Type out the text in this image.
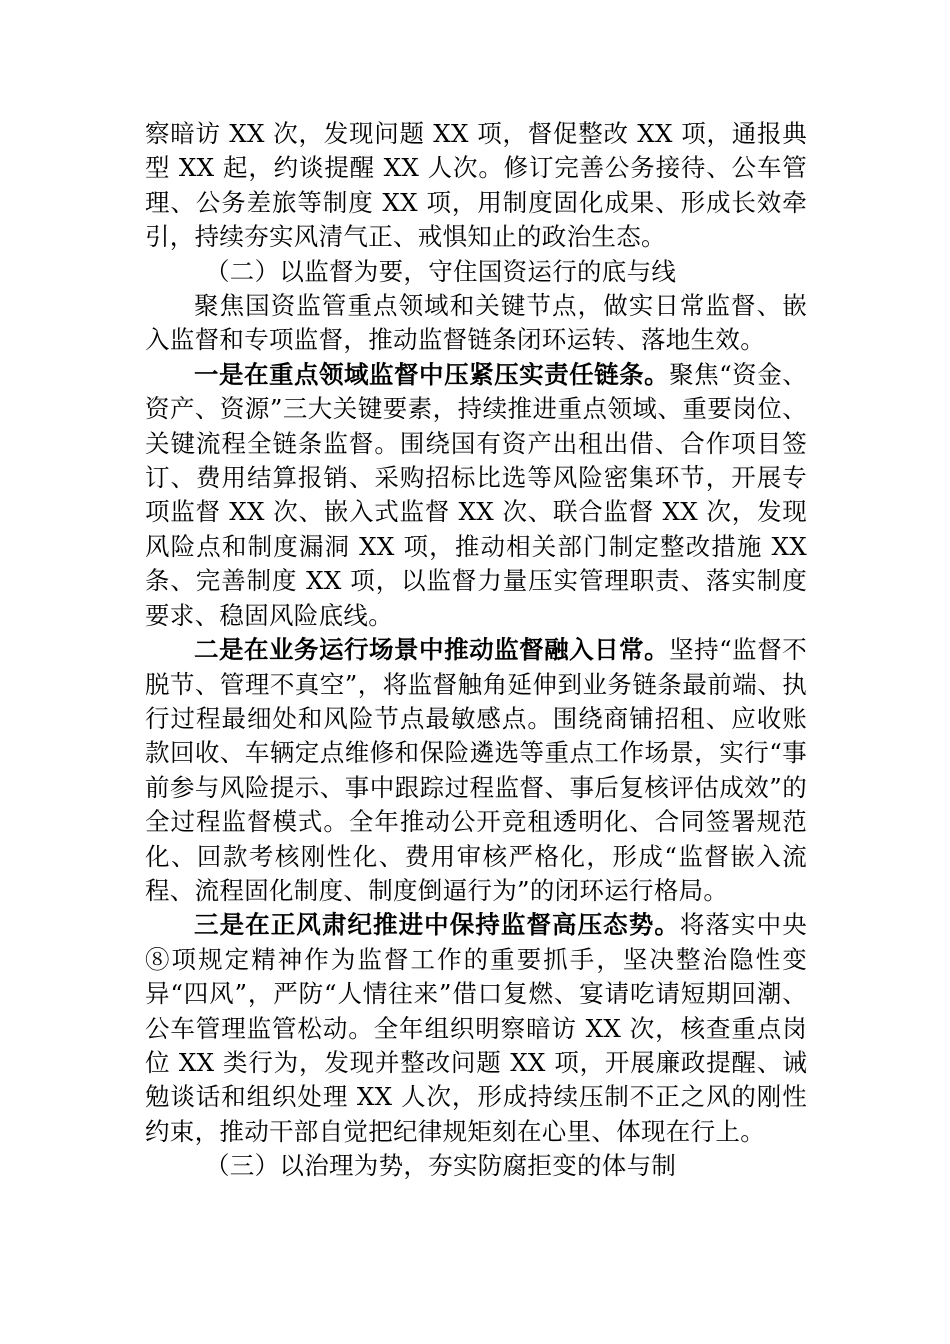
察暗访 XX 次，发现问题 XX 项，督促整改 XX 项，通报典型 XX 起，约谈提醒 XX 人次。修订完善公务接待、公车管理、公务差旅等制度 XX 项，用制度固化成果、形成长效牵引，持续夯实风清气正、戒惧知止的政治生态。

（二）以监督为要，守住国资运行的底与线

聚焦国资监管重点领域和关键节点，做实日常监督、嵌入监督和专项监督，推动监督链条闭环运转、落地生效。

一是在重点领域监督中压紧压实责任链条。聚焦“资金、资产、资源”三大关键要素，持续推进重点领域、重要岗位、关键流程全链条监督。围绕国有资产出租出借、合作项目签订、费用结算报销、采购招标比选等风险密集环节，开展专项监督 XX 次、嵌入式监督 XX 次、联合监督 XX 次，发现风险点和制度漏洞 XX 项，推动相关部门制定整改措施 XX 条、完善制度 XX 项，以监督力量压实管理职责、落实制度要求、稳固风险底线。

二是在业务运行场景中推动监督融入日常。坚持“监督不脱节、管理不真空”，将监督触角延伸到业务链条最前端、执行过程最细处和风险节点最敏感点。围绕商铺招租、应收账款回收、车辆定点维修和保险遴选等重点工作场景，实行“事前参与风险提示、事中跟踪过程监督、事后复核评估成效”的全过程监督模式。全年推动公开竞租透明化、合同签署规范化、回款考核刚性化、费用审核严格化，形成“监督嵌入流程、流程固化制度、制度倒逼行为”的闭环运行格局。

三是在正风肃纪推进中保持监督高压态势。将落实中央⑧项规定精神作为监督工作的重要抓手，坚决整治隐性变异“四风”，严防“人情往来”借口复燃、宴请吃请短期回潮、公车管理监管松动。全年组织明察暗访 XX 次，核查重点岗位 XX 类行为，发现并整改问题 XX 项，开展廉政提醒、诫勉谈话和组织处理 XX 人次，形成持续压制不正之风的刚性约束，推动干部自觉把纪律规矩刻在心里、体现在行上。

（三）以治理为势，夯实防腐拒变的体与制
